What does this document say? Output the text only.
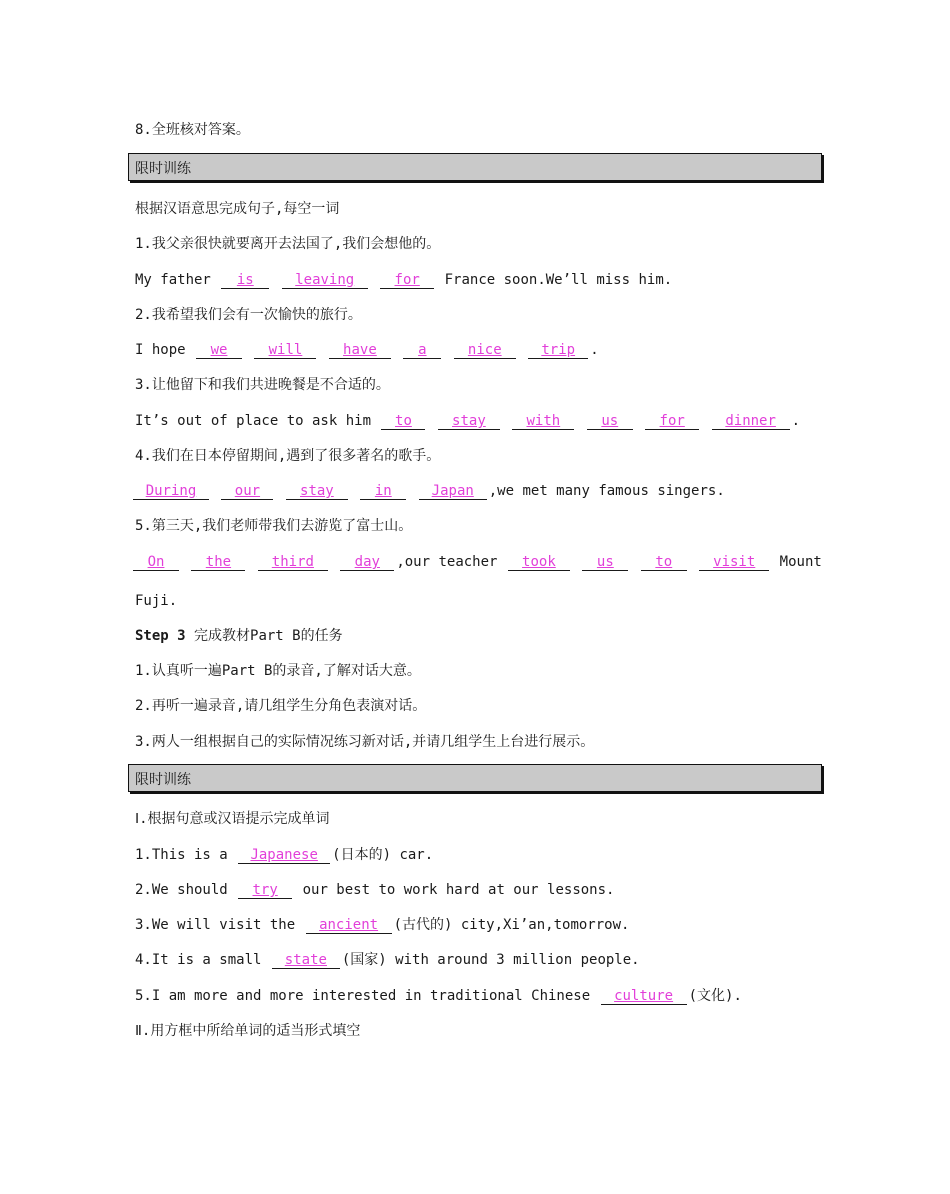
8.全班核对答案。
限时训练
根据汉语意思完成句子,每空一词
1.我父亲很快就要离开去法国了,我们会想他的。
My father is	leaving	for France soon.We’ll miss him.
2.我希望我们会有一次愉快的旅行。
I hope we	will	have	a	nice	trip .
3.让他留下和我们共进晚餐是不合适的。
It’s out of place to ask him to	stay	with	us	for	dinner .
4.我们在日本停留期间,遇到了很多著名的歌手。
During	our	stay	in	Japan ,we met many famous singers.
5.第三天,我们老师带我们去游览了富士山。
On	the	third	day ,our teacher took	us	to	visit Mount
Fuji.
Step 3 完成教材Part B的任务
1.认真听一遍Part B的录音,了解对话大意。
2.再听一遍录音,请几组学生分角色表演对话。
3.两人一组根据自己的实际情况练习新对话,并请几组学生上台进行展示。
限时训练
Ⅰ.根据句意或汉语提示完成单词
1.This is a Japanese (日本的) car.
2.We should try our best to work hard at our lessons.
3.We will visit the ancient (古代的) city,Xi’an,tomorrow.
4.It is a small state (国家) with around 3 million people.
5.I am more and more interested in traditional Chinese culture (文化).
Ⅱ.用方框中所给单词的适当形式填空
